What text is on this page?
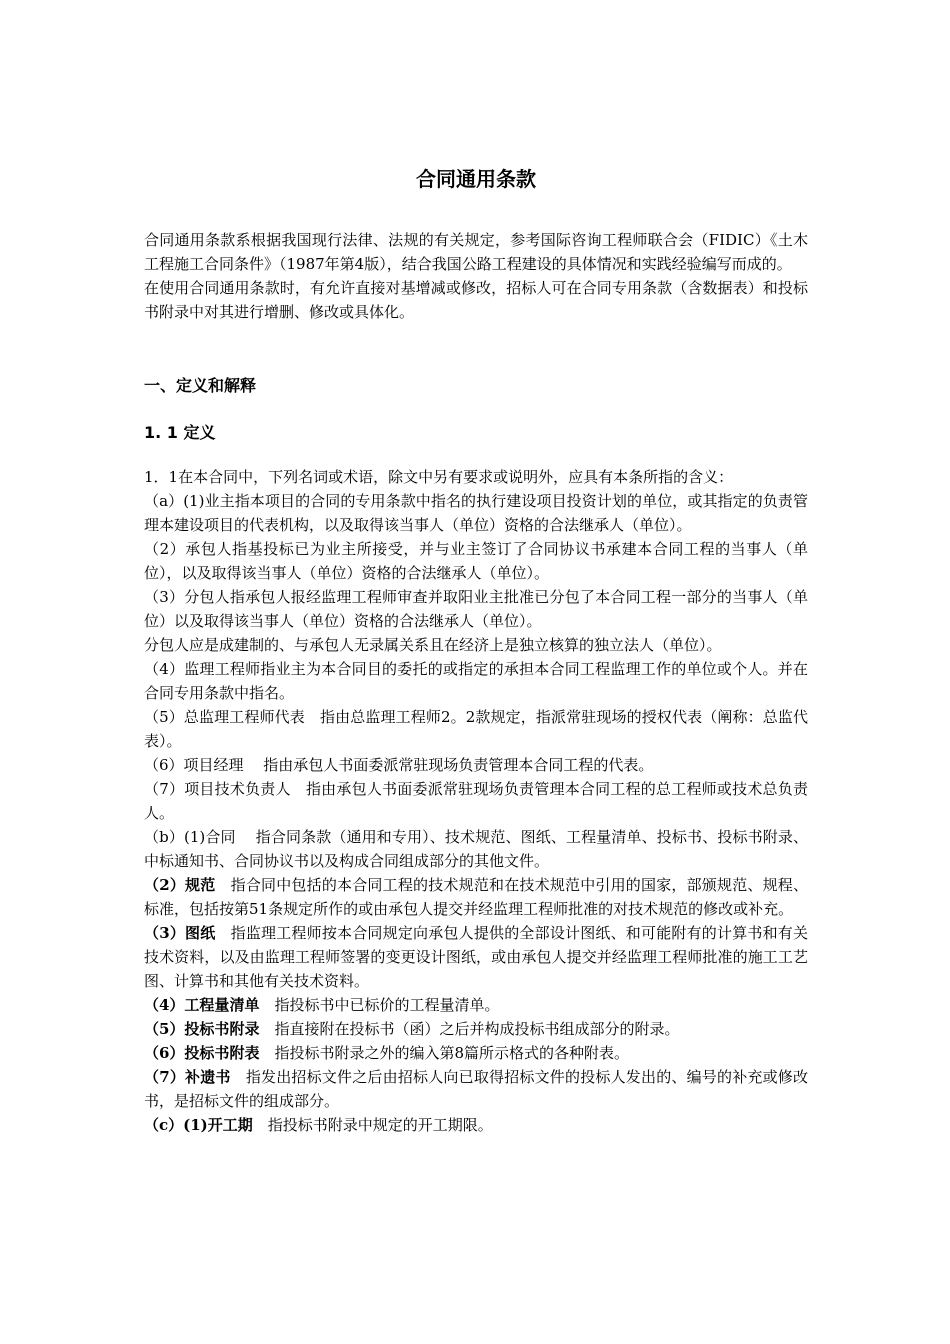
合同通用条款

合同通用条款系根据我国现行法律、法规的有关规定，参考国际咨询工程师联合会（FIDIC）《土木工程施工合同条件》（1987年第4版），结合我国公路工程建设的具体情况和实践经验编写而成的。

在使用合同通用条款时，有允许直接对基增减或修改，招标人可在合同专用条款（含数据表）和投标书附录中对其进行增删、修改或具体化。

一、定义和解释
1. 1 定义

1．1在本合同中，下列名词或术语，除文中另有要求或说明外，应具有本条所指的含义：

（a）(1)业主指本项目的合同的专用条款中指名的执行建设项目投资计划的单位，或其指定的负责管理本建设项目的代表机构，以及取得该当事人（单位）资格的合法继承人（单位）。

（2）承包人指基投标已为业主所接受，并与业主签订了合同协议书承建本合同工程的当事人（单位），以及取得该当事人（单位）资格的合法继承人（单位）。

（3）分包人指承包人报经监理工程师审查并取阳业主批准已分包了本合同工程一部分的当事人（单位）以及取得该当事人（单位）资格的合法继承人（单位）。

分包人应是成建制的、与承包人无录属关系且在经济上是独立核算的独立法人（单位）。

（4）监理工程师指业主为本合同目的委托的或指定的承担本合同工程监理工作的单位或个人。并在合同专用条款中指名。

（5）总监理工程师代表　指由总监理工程师2。2款规定，指派常驻现场的授权代表（阐称：总监代表）。

（6）项目经理　 指由承包人书面委派常驻现场负责管理本合同工程的代表。

（7）项目技术负责人　指由承包人书面委派常驻现场负责管理本合同工程的总工程师或技术总负责人。

（b）(1)合同　 指合同条款（通用和专用）、技术规范、图纸、工程量清单、投标书、投标书附录、中标通知书、合同协议书以及构成合同组成部分的其他文件。

（2）规范　指合同中包括的本合同工程的技术规范和在技术规范中引用的国家，部颁规范、规程、标准，包括按第51条规定所作的或由承包人提交并经监理工程师批准的对技术规范的修改或补充。

（3）图纸　指监理工程师按本合同规定向承包人提供的全部设计图纸、和可能附有的计算书和有关技术资料，以及由监理工程师签署的变更设计图纸，或由承包人提交并经监理工程师批准的施工工艺图、计算书和其他有关技术资料。

（4）工程量清单　指投标书中已标价的工程量清单。

（5）投标书附录　指直接附在投标书（函）之后并构成投标书组成部分的附录。

（6）投标书附表　指投标书附录之外的编入第8篇所示格式的各种附表。

（7）补遗书　指发出招标文件之后由招标人向已取得招标文件的投标人发出的、编号的补充或修改书，是招标文件的组成部分。

（c）(1)开工期　指投标书附录中规定的开工期限。
